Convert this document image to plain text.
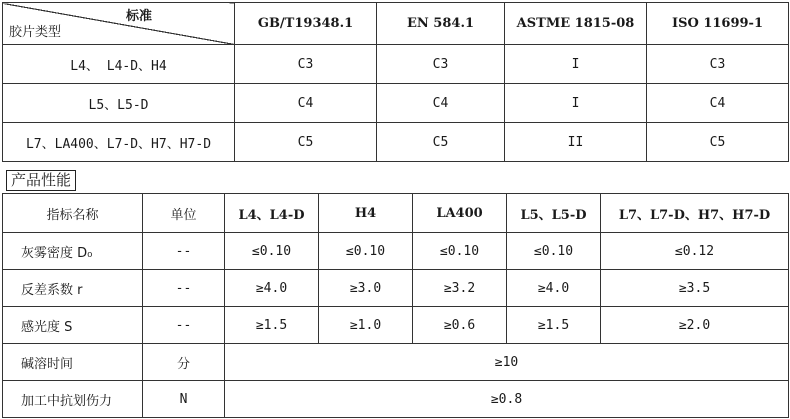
标准
胶片类型	GB/T19348.1	EN 584.1	ASTME 1815-08	ISO 11699-1
L4、 L4-D、H4	C3	C3	I	C3
L5、L5-D	C4	C4	I	C4
L7、LA400、L7-D、H7、H7-D	C5	C5	II	C5
产品性能
指标名称	单位	L4、L4-D	H4	LA400	L5、L5-D	L7、L7-D、H7、H7-D
灰雾密度 D₀	--	≤0.10	≤0.10	≤0.10	≤0.10	≤0.12
反差系数 r	--	≥4.0	≥3.0	≥3.2	≥4.0	≥3.5
感光度 S	--	≥1.5	≥1.0	≥0.6	≥1.5	≥2.0
碱溶时间	分	≥10				
加工中抗划伤力	N	≥0.8				
